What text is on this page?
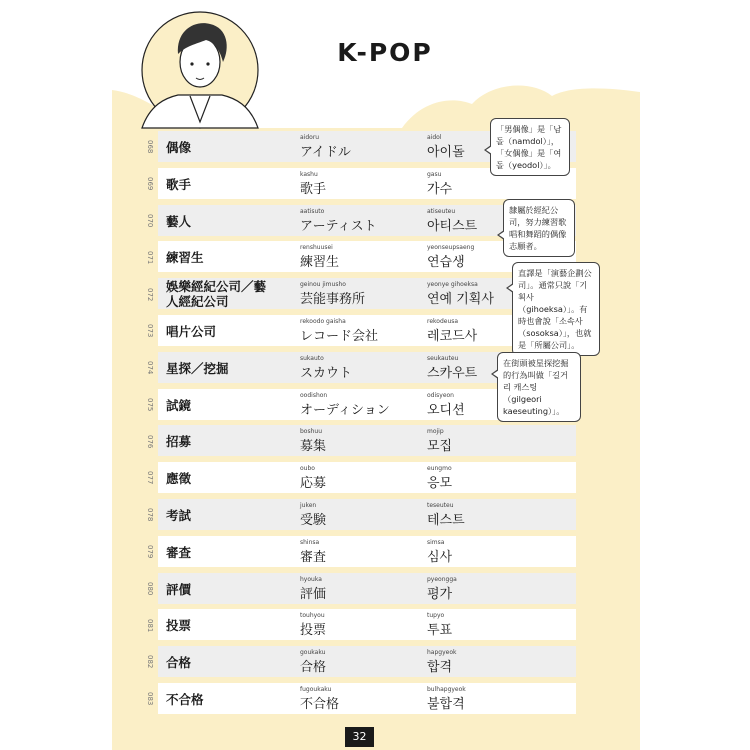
K-POP
068 偶像
aidoru
アイドル
aidol
아이돌
069 歌手
kashu
歌手
gasu
가수
070 藝人
aatisuto
アーティスト
atiseuteu
아티스트
071 練習生
renshuusei
練習生
yeonseupsaeng
연습생
072 娛樂經紀公司／藝人經紀公司
geinou jimusho
芸能事務所
yeonye gihoeksa
연예 기획사
073 唱片公司
rekoodo gaisha
レコード会社
rekodeusa
레코드사
074 星探／挖掘
sukauto
スカウト
seukauteu
스카우트
075 試鏡
oodishon
オーディション
odisyeon
오디션
076 招募
boshuu
募集
mojip
모집
077 應徵
oubo
応募
eungmo
응모
078 考試
juken
受験
teseuteu
테스트
079 審查
shinsa
審査
simsa
심사
080 評價
hyouka
評価
pyeongga
평가
081 投票
touhyou
投票
tupyo
투표
082 合格
goukaku
合格
hapgyeok
합격
083 不合格
fugoukaku
不合格
bulhapgyeok
불합격
「男偶像」是「남돌（namdol）」，「女偶像」是「여돌（yeodol）」。
隸屬於經紀公司，努力練習歌唱和舞蹈的偶像志願者。
直譯是「演藝企劃公司」。通常只說「기획사（gihoeksa）」。有時也會說「소속사（sosoksa）」，也就是「所屬公司」。
在街頭被星探挖掘的行為叫做「길거리 캐스팅（gilgeori kaeseuting）」。
32
